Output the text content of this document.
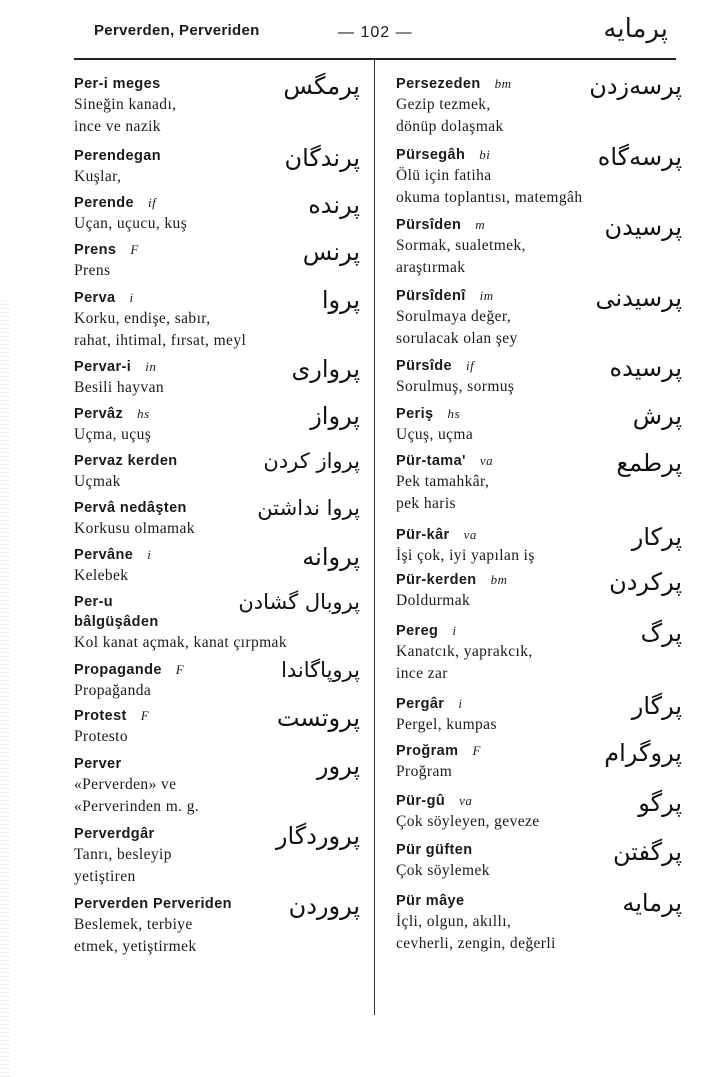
Perverden, Perveriden	— 102 —	پرمایه
Per-i meges
Sineğin kanadı,
ince ve nazik
پرمگس
Perendegan
Kuşlar,
پرندگان
Perende if
Uçan, uçucu, kuş
پرنده
Prens F
Prens
پرنس
Perva i
Korku, endişe, sabır,
rahat, ihtimal, fırsat, meyl
پروا
Pervar-i in
Besili hayvan
پرواری
Pervâz hs
Uçma, uçuş
پرواز
Pervaz kerden
Uçmak
پرواز کردن
Pervâ nedâşten
Korkusu olmamak
پروا نداشتن
Pervâne i
Kelebek
پروانه
Per-u	پروبال گشادن
bâlgüşâden
Kol kanat açmak, kanat çırpmak
Propagande F
Propağanda
پروپاگاندا
Protest F
Protesto
پروتست
Perver
«Perverden» ve
«Perverinden m. g.
پرور
Perverdgâr
Tanrı, besleyip
yetiştiren
پروردگار
Perverden Perveriden
Beslemek, terbiye
etmek, yetiştirmek
پروردن
Persezeden bm
Gezip tezmek,
dönüp dolaşmak
پرسه‌زدن
Pürsegâh bi
Ölü için fatiha
okuma toplantısı, matemgâh
پرسه‌گاه
Pürsîden m
Sormak, sualetmek,
araştırmak
پرسیدن
Pürsîdenî im
Sorulmaya değer,
sorulacak olan şey
پرسیدنی
Pürsîde if
Sorulmuş, sormuş
پرسیده
Periş hs
Uçuş, uçma
پرش
Pür-tama' va
Pek tamahkâr,
pek haris
پرطمع
Pür-kâr va
İşi çok, iyi yapılan iş
پرکار
Pür-kerden bm
Doldurmak
پرکردن
Pereg i
Kanatcık, yaprakcık,
ince zar
پرگ
Pergâr i
Pergel, kumpas
پرگار
Proğram F
Proğram
پروگرام
Pür-gû va
Çok söyleyen, geveze
پرگو
Pür güften
Çok söylemek
پرگفتن
Pür mâye
İçli, olgun, akıllı,
cevherli, zengin, değerli
پرمایه
